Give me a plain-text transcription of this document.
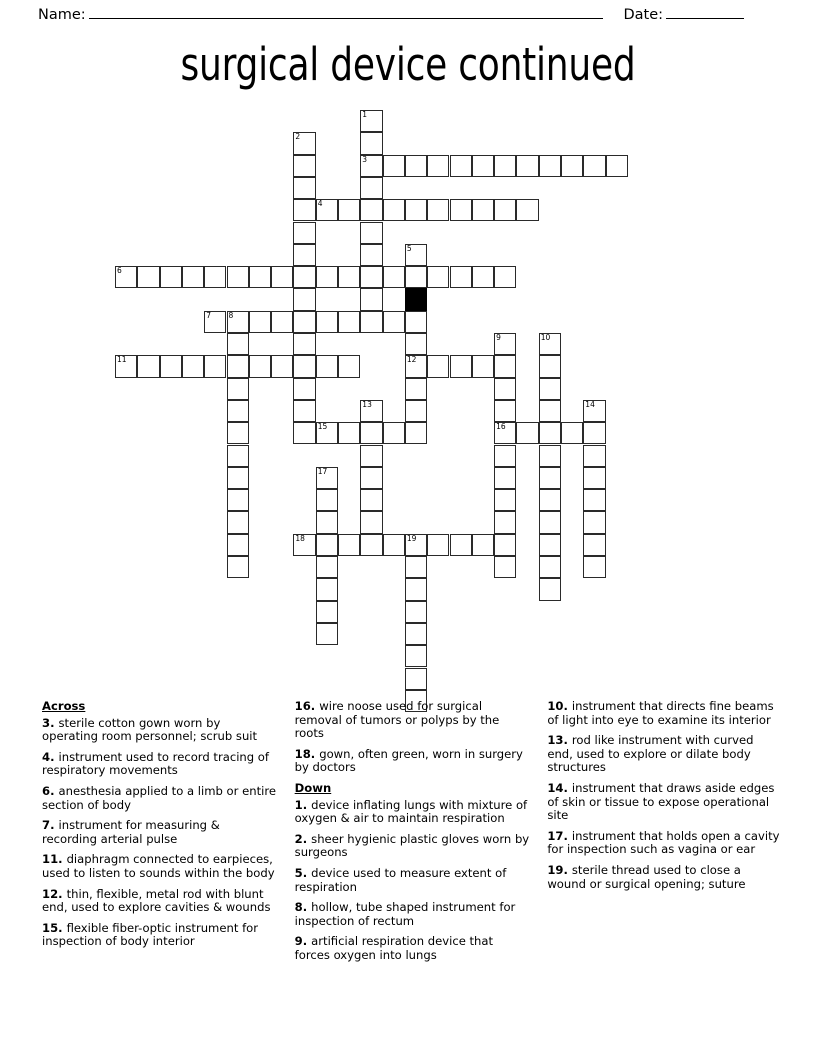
Name:	Date:
surgical device continued
1
2
3
4
5
6
7 8
9	10
11	12
13	14
15	16
17
18	19
Across
3. sterile cotton gown worn by operating room personnel; scrub suit
4. instrument used to record tracing of respiratory movements
6. anesthesia applied to a limb or entire section of body
7. instrument for measuring & recording arterial pulse
11. diaphragm connected to earpieces, used to listen to sounds within the body
12. thin, flexible, metal rod with blunt end, used to explore cavities & wounds
15. flexible fiber-optic instrument for inspection of body interior
16. wire noose used for surgical removal of tumors or polyps by the roots
18. gown, often green, worn in surgery by doctors
Down
1. device inflating lungs with mixture of oxygen & air to maintain respiration
2. sheer hygienic plastic gloves worn by surgeons
5. device used to measure extent of respiration
8. hollow, tube shaped instrument for inspection of rectum
9. artificial respiration device that forces oxygen into lungs
10. instrument that directs fine beams of light into eye to examine its interior
13. rod like instrument with curved end, used to explore or dilate body structures
14. instrument that draws aside edges of skin or tissue to expose operational site
17. instrument that holds open a cavity for inspection such as vagina or ear
19. sterile thread used to close a wound or surgical opening; suture
